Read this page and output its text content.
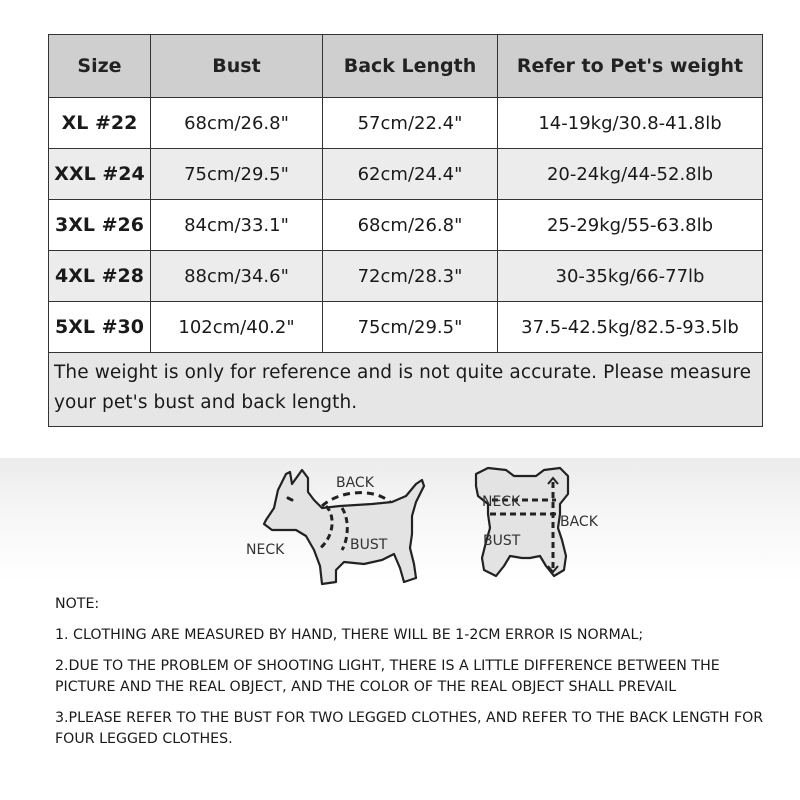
Size	Bust	Back Length	Refer to Pet's weight
XL #22	68cm/26.8"	57cm/22.4"	14-19kg/30.8-41.8lb
XXL #24	75cm/29.5"	62cm/24.4"	20-24kg/44-52.8lb
3XL #26	84cm/33.1"	68cm/26.8"	25-29kg/55-63.8lb
4XL #28	88cm/34.6"	72cm/28.3"	30-35kg/66-77lb
5XL #30	102cm/40.2"	75cm/29.5"	37.5-42.5kg/82.5-93.5lb
The weight is only for reference and is not quite accurate. Please measure your pet's bust and back length.			
BACK
NECK	BUST
NECK
BUST
BACK
NOTE:
1. CLOTHING ARE MEASURED BY HAND, THERE WILL BE 1-2CM ERROR IS NORMAL;
2.DUE TO THE PROBLEM OF SHOOTING LIGHT, THERE IS A LITTLE DIFFERENCE BETWEEN THE PICTURE AND THE REAL OBJECT, AND THE COLOR OF THE REAL OBJECT SHALL PREVAIL
3.PLEASE REFER TO THE BUST FOR TWO LEGGED CLOTHES, AND REFER TO THE BACK LENGTH FOR FOUR LEGGED CLOTHES.
